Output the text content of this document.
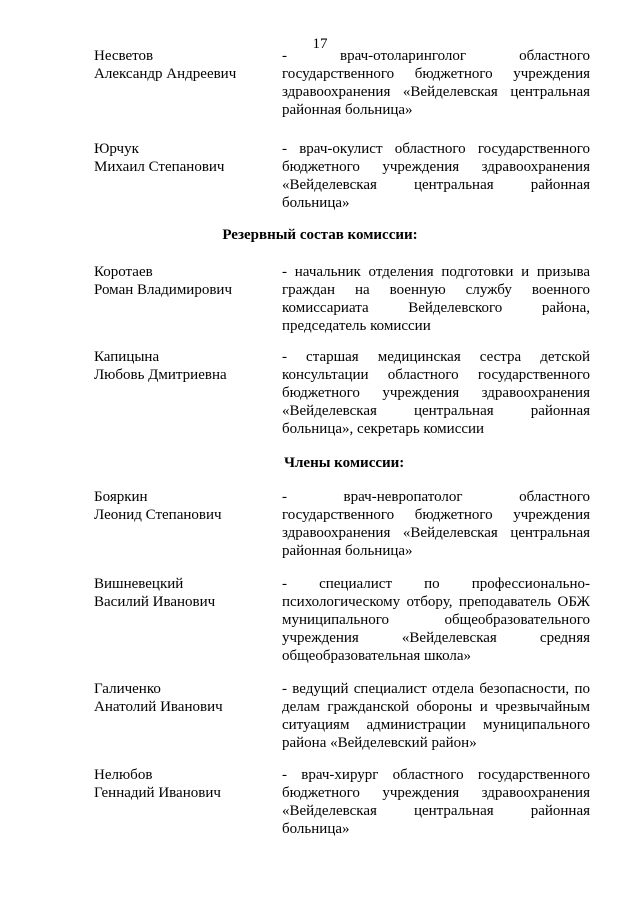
17
Несветов
Александр Андреевич
- врач-отоларинголог областного государственного бюджетного учреждения здравоохранения «Вейделевская центральная районная больница»
Юрчук
Михаил Степанович
- врач-окулист областного государственного бюджетного учреждения здравоохранения «Вейделевская центральная районная больница»
Резервный состав комиссии:
Коротаев
Роман Владимирович
- начальник отделения подготовки и призыва граждан на военную службу военного комиссариата Вейделевского района, председатель комиссии
Капицына
Любовь Дмитриевна
- старшая медицинская сестра детской консультации областного государственного бюджетного учреждения здравоохранения «Вейделевская центральная районная больница», секретарь комиссии
Члены комиссии:
Бояркин
Леонид Степанович
- врач-невропатолог областного государственного бюджетного учреждения здравоохранения «Вейделевская центральная районная больница»
Вишневецкий
Василий Иванович
- специалист по профессионально-психологическому отбору, преподаватель ОБЖ муниципального общеобразовательного учреждения «Вейделевская средняя общеобразовательная школа»
Галиченко
Анатолий Иванович
- ведущий специалист отдела безопасности, по делам гражданской обороны и чрезвычайным ситуациям администрации муниципального района «Вейделевский район»
Нелюбов
Геннадий Иванович
- врач-хирург областного государственного бюджетного учреждения здравоохранения «Вейделевская центральная районная больница»
